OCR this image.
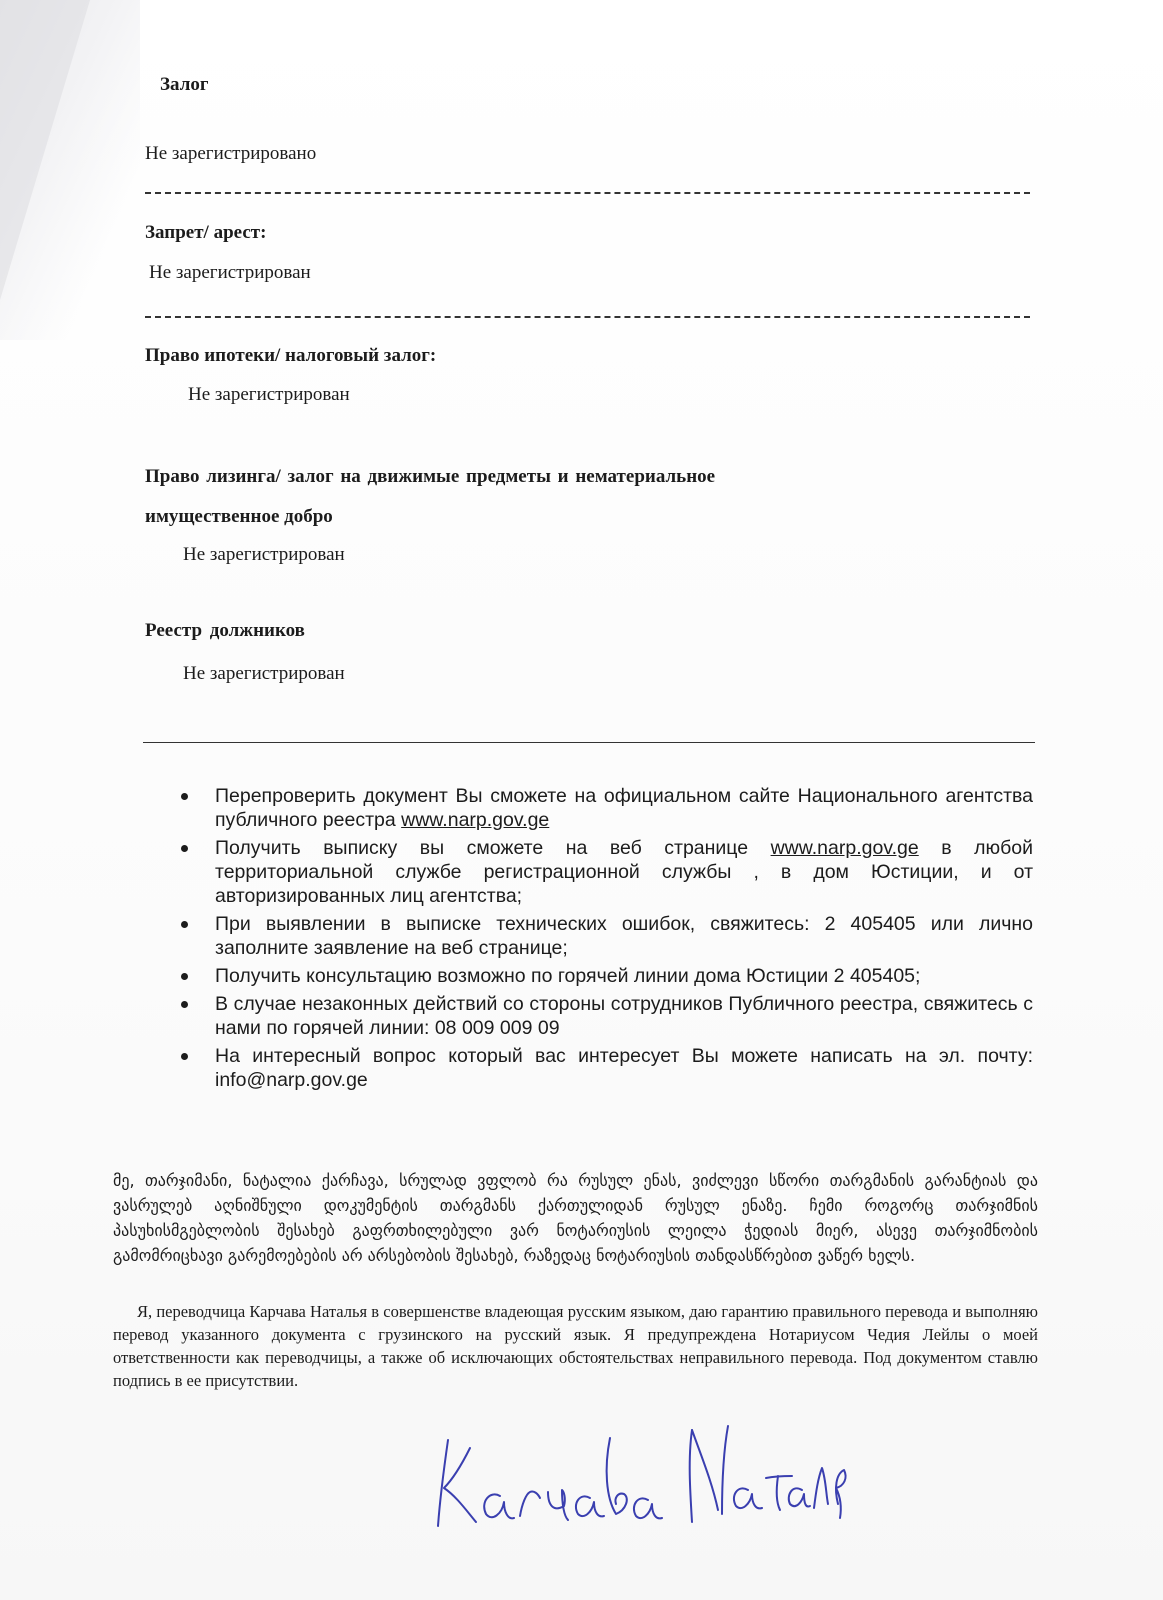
Залог
Не зарегистрировано
Запрет/ арест:
Не зарегистрирован
Право ипотеки/ налоговый залог:
Не зарегистрирован
Право лизинга/ залог на движимые предметы и нематериальное
имущественное добро
Не зарегистрирован
Реестр должников
Не зарегистрирован
Перепроверить документ Вы сможете на официальном сайте Национального агентства публичного реестра www.narp.gov.ge
Получить выписку вы сможете на веб странице www.narp.gov.ge в любой территориальной службе регистрационной службы , в дом Юстиции, и от авторизированных лиц агентства;
При выявлении в выписке технических ошибок, свяжитесь: 2 405405 или лично заполните заявление на веб странице;
Получить консультацию возможно по горячей линии дома Юстиции 2 405405;
В случае незаконных действий со стороны сотрудников Публичного реестра, свяжитесь с нами по горячей линии: 08 009 009 09
На интересный вопрос который вас интересует Вы можете написать на эл. почту: info@narp.gov.ge
მე, თარჯიმანი, ნატალია ქარჩავა, სრულად ვფლობ რა რუსულ ენას, ვიძლევი სწორი თარგმანის გარანტიას და ვასრულებ აღნიშნული დოკუმენტის თარგმანს ქართულიდან რუსულ ენაზე. ჩემი როგორც თარჯიმნის პასუხისმგებლობის შესახებ გაფრთხილებული ვარ ნოტარიუსის ლეილა ჭედიას მიერ, ასევე თარჯიმნობის გამომრიცხავი გარემოებების არ არსებობის შესახებ, რაზედაც ნოტარიუსის თანდასწრებით ვაწერ ხელს.
Я, переводчица Карчава Наталья в совершенстве владеющая русским языком, даю гарантию правильного перевода и выполняю перевод указанного документа с грузинского на русский язык. Я предупреждена Нотариусом Чедия Лейлы о моей ответственности как переводчицы, а также об исключающих обстоятельствах неправильного перевода. Под документом ставлю подпись в ее присутствии.
